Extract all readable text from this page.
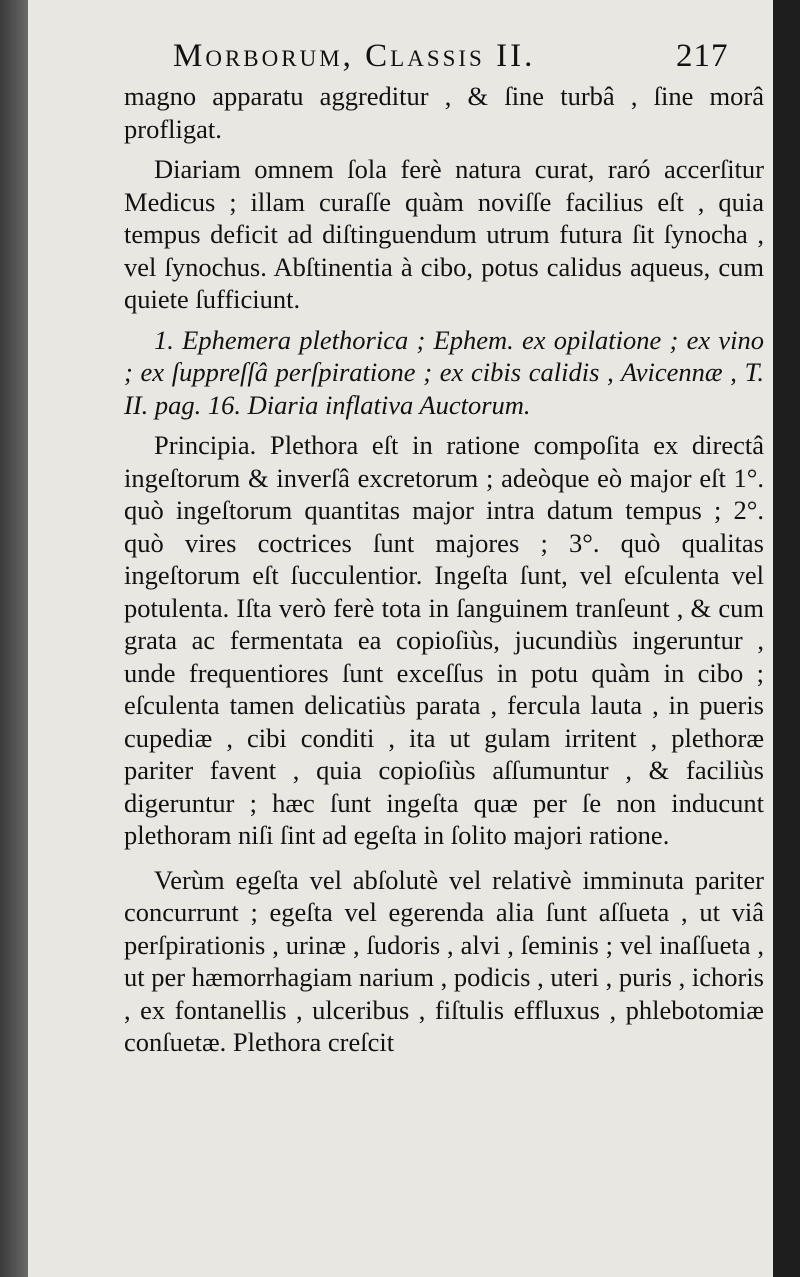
Morborum, Classis II.	217

magno apparatu aggreditur , & ſine turbâ , ſine morâ profligat.

Diariam omnem ſola ferè natura curat, raró accerſitur Medicus ; illam curaſſe quàm noviſſe facilius eſt , quia tempus deficit ad diſtinguendum utrum futura ſit ſynocha , vel ſynochus. Abſtinentia à cibo, potus calidus aqueus, cum quiete ſufficiunt.

1. Ephemera plethorica ; Ephem. ex opilatione ; ex vino ; ex ſuppreſſâ perſpiratione ; ex cibis calidis , Avicennæ , T. II. pag. 16. Diaria inflativa Auctorum.

Principia. Plethora eſt in ratione compoſita ex directâ ingeſtorum & inverſâ excretorum ; adeòque eò major eſt 1°. quò ingeſtorum quantitas major intra datum tempus ; 2°. quò vires coctrices ſunt majores ; 3°. quò qualitas ingeſtorum eſt ſucculentior. Ingeſta ſunt, vel eſculenta vel potulenta. Iſta verò ferè tota in ſanguinem tranſeunt , & cum grata ac fermentata ea copioſiùs, jucundiùs ingeruntur , unde frequentiores ſunt exceſſus in potu quàm in cibo ; eſculenta tamen delicatiùs parata , fercula lauta , in pueris cupediæ , cibi conditi , ita ut gulam irritent , plethoræ pariter favent , quia copioſiùs aſſumuntur , & faciliùs digeruntur ; hæc ſunt ingeſta quæ per ſe non inducunt plethoram niſi ſint ad egeſta in ſolito majori ratione.

Verùm egeſta vel abſolutè vel relativè imminuta pariter concurrunt ; egeſta vel egerenda alia ſunt aſſueta , ut viâ perſpirationis , urinæ , ſudoris , alvi , ſeminis ; vel inaſſueta , ut per hæmorrhagiam narium , podicis , uteri , puris , ichoris , ex fontanellis , ulceribus , fiſtulis effluxus , phlebotomiæ conſuetæ. Plethora creſcit
